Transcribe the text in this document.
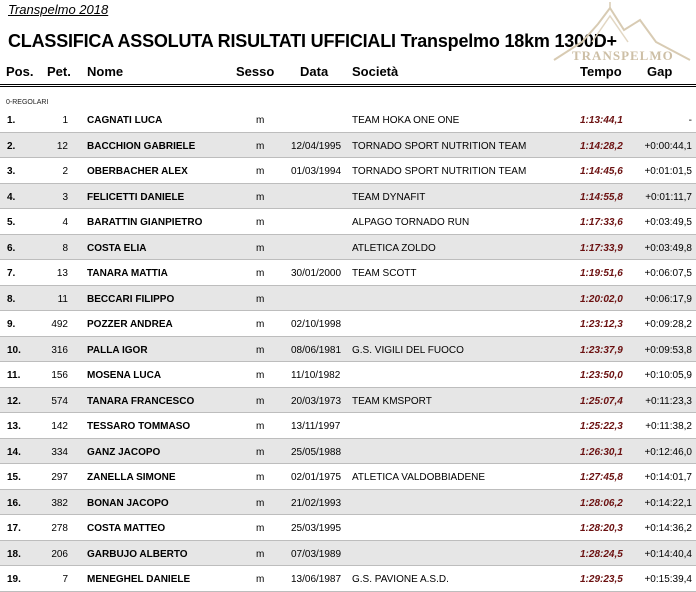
Transpelmo 2018
CLASSIFICA ASSOLUTA RISULTATI UFFICIALI Transpelmo 18km 1300D+
TRANSPELMO
Pos. Pet. Nome	Sesso Data Società	Tempo Gap
0-REGOLARI
1.	1 CAGNATI LUCA	m	TEAM HOKA ONE ONE	1:13:44,1	-
2.	12 BACCHION GABRIELE	m	12/04/1995 TORNADO SPORT NUTRITION TEAM	1:14:28,2	+0:00:44,1
3.	2 OBERBACHER ALEX	m	01/03/1994 TORNADO SPORT NUTRITION TEAM	1:14:45,6	+0:01:01,5
4.	3 FELICETTI DANIELE	m	TEAM DYNAFIT	1:14:55,8	+0:01:11,7
5.	4 BARATTIN GIANPIETRO	m	ALPAGO TORNADO RUN	1:17:33,6	+0:03:49,5
6.	8 COSTA ELIA	m	ATLETICA ZOLDO	1:17:33,9	+0:03:49,8
7.	13 TANARA MATTIA	m	30/01/2000 TEAM SCOTT	1:19:51,6	+0:06:07,5
8.	11 BECCARI FILIPPO	m	1:20:02,0	+0:06:17,9
9.	492 POZZER ANDREA	m	02/10/1998	1:23:12,3	+0:09:28,2
10.	316 PALLA IGOR	m	08/06/1981 G.S. VIGILI DEL FUOCO	1:23:37,9	+0:09:53,8
11.	156 MOSENA LUCA	m	11/10/1982	1:23:50,0	+0:10:05,9
12.	574 TANARA FRANCESCO	m	20/03/1973 TEAM KMSPORT	1:25:07,4	+0:11:23,3
13.	142 TESSARO TOMMASO	m	13/11/1997	1:25:22,3	+0:11:38,2
14.	334 GANZ JACOPO	m	25/05/1988	1:26:30,1	+0:12:46,0
15.	297 ZANELLA SIMONE	m	02/01/1975 ATLETICA VALDOBBIADENE	1:27:45,8	+0:14:01,7
16.	382 BONAN JACOPO	m	21/02/1993	1:28:06,2	+0:14:22,1
17.	278 COSTA MATTEO	m	25/03/1995	1:28:20,3	+0:14:36,2
18.	206 GARBUJO ALBERTO	m	07/03/1989	1:28:24,5	+0:14:40,4
19.	7 MENEGHEL DANIELE	m	13/06/1987 G.S. PAVIONE A.S.D.	1:29:23,5	+0:15:39,4
